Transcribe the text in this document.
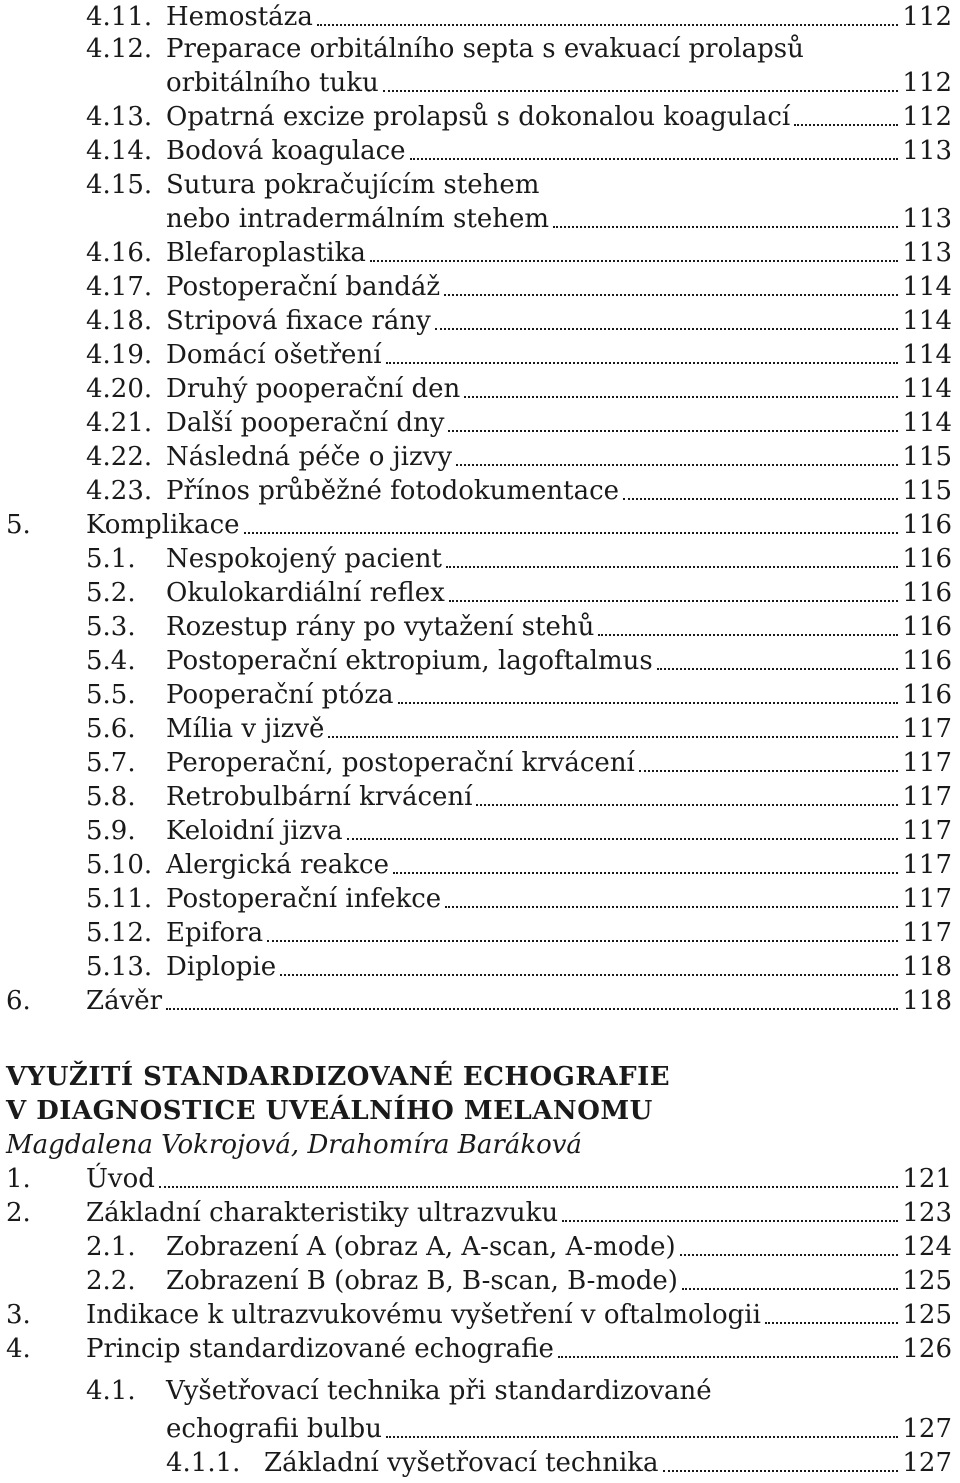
4.11. Hemostáza	112
4.12. Preparace orbitálního septa s evakuací prolapsů
orbitálního tuku	112
4.13. Opatrná excize prolapsů s dokonalou koagulací	112
4.14. Bodová koagulace	113
4.15. Sutura pokračujícím stehem
nebo intradermálním stehem	113
4.16. Blefaroplastika	113
4.17. Postoperační bandáž	114
4.18. Stripová fixace rány	114
4.19. Domácí ošetření	114
4.20. Druhý pooperační den	114
4.21. Další pooperační dny	114
4.22. Následná péče o jizvy	115
4.23. Přínos průběžné fotodokumentace	115
5.	Komplikace	116
5.1.	Nespokojený pacient	116
5.2.	Okulokardiální reflex	116
5.3.	Rozestup rány po vytažení stehů	116
5.4.	Postoperační ektropium, lagoftalmus	116
5.5.	Pooperační ptóza	116
5.6.	Mília v jizvě	117
5.7.	Peroperační, postoperační krvácení	117
5.8.	Retrobulbární krvácení	117
5.9.	Keloidní jizva	117
5.10. Alergická reakce	117
5.11. Postoperační infekce	117
5.12. Epifora	117
5.13. Diplopie	118
6.	Závěr	118
VYUŽITÍ STANDARDIZOVANÉ ECHOGRAFIE
V DIAGNOSTICE UVEÁLNÍHO MELANOMU
Magdalena Vokrojová, Drahomíra Baráková
1.	Úvod	121
2.	Základní charakteristiky ultrazvuku	123
2.1.	Zobrazení A (obraz A, A-scan, A-mode)	124
2.2.	Zobrazení B (obraz B, B-scan, B-mode)	125
3.	Indikace k ultrazvukovému vyšetření v oftalmologii	125
4.	Princip standardizované echografie	126
4.1.	Vyšetřovací technika při standardizované
echografii bulbu	127
4.1.1. Základní vyšetřovací technika	127
